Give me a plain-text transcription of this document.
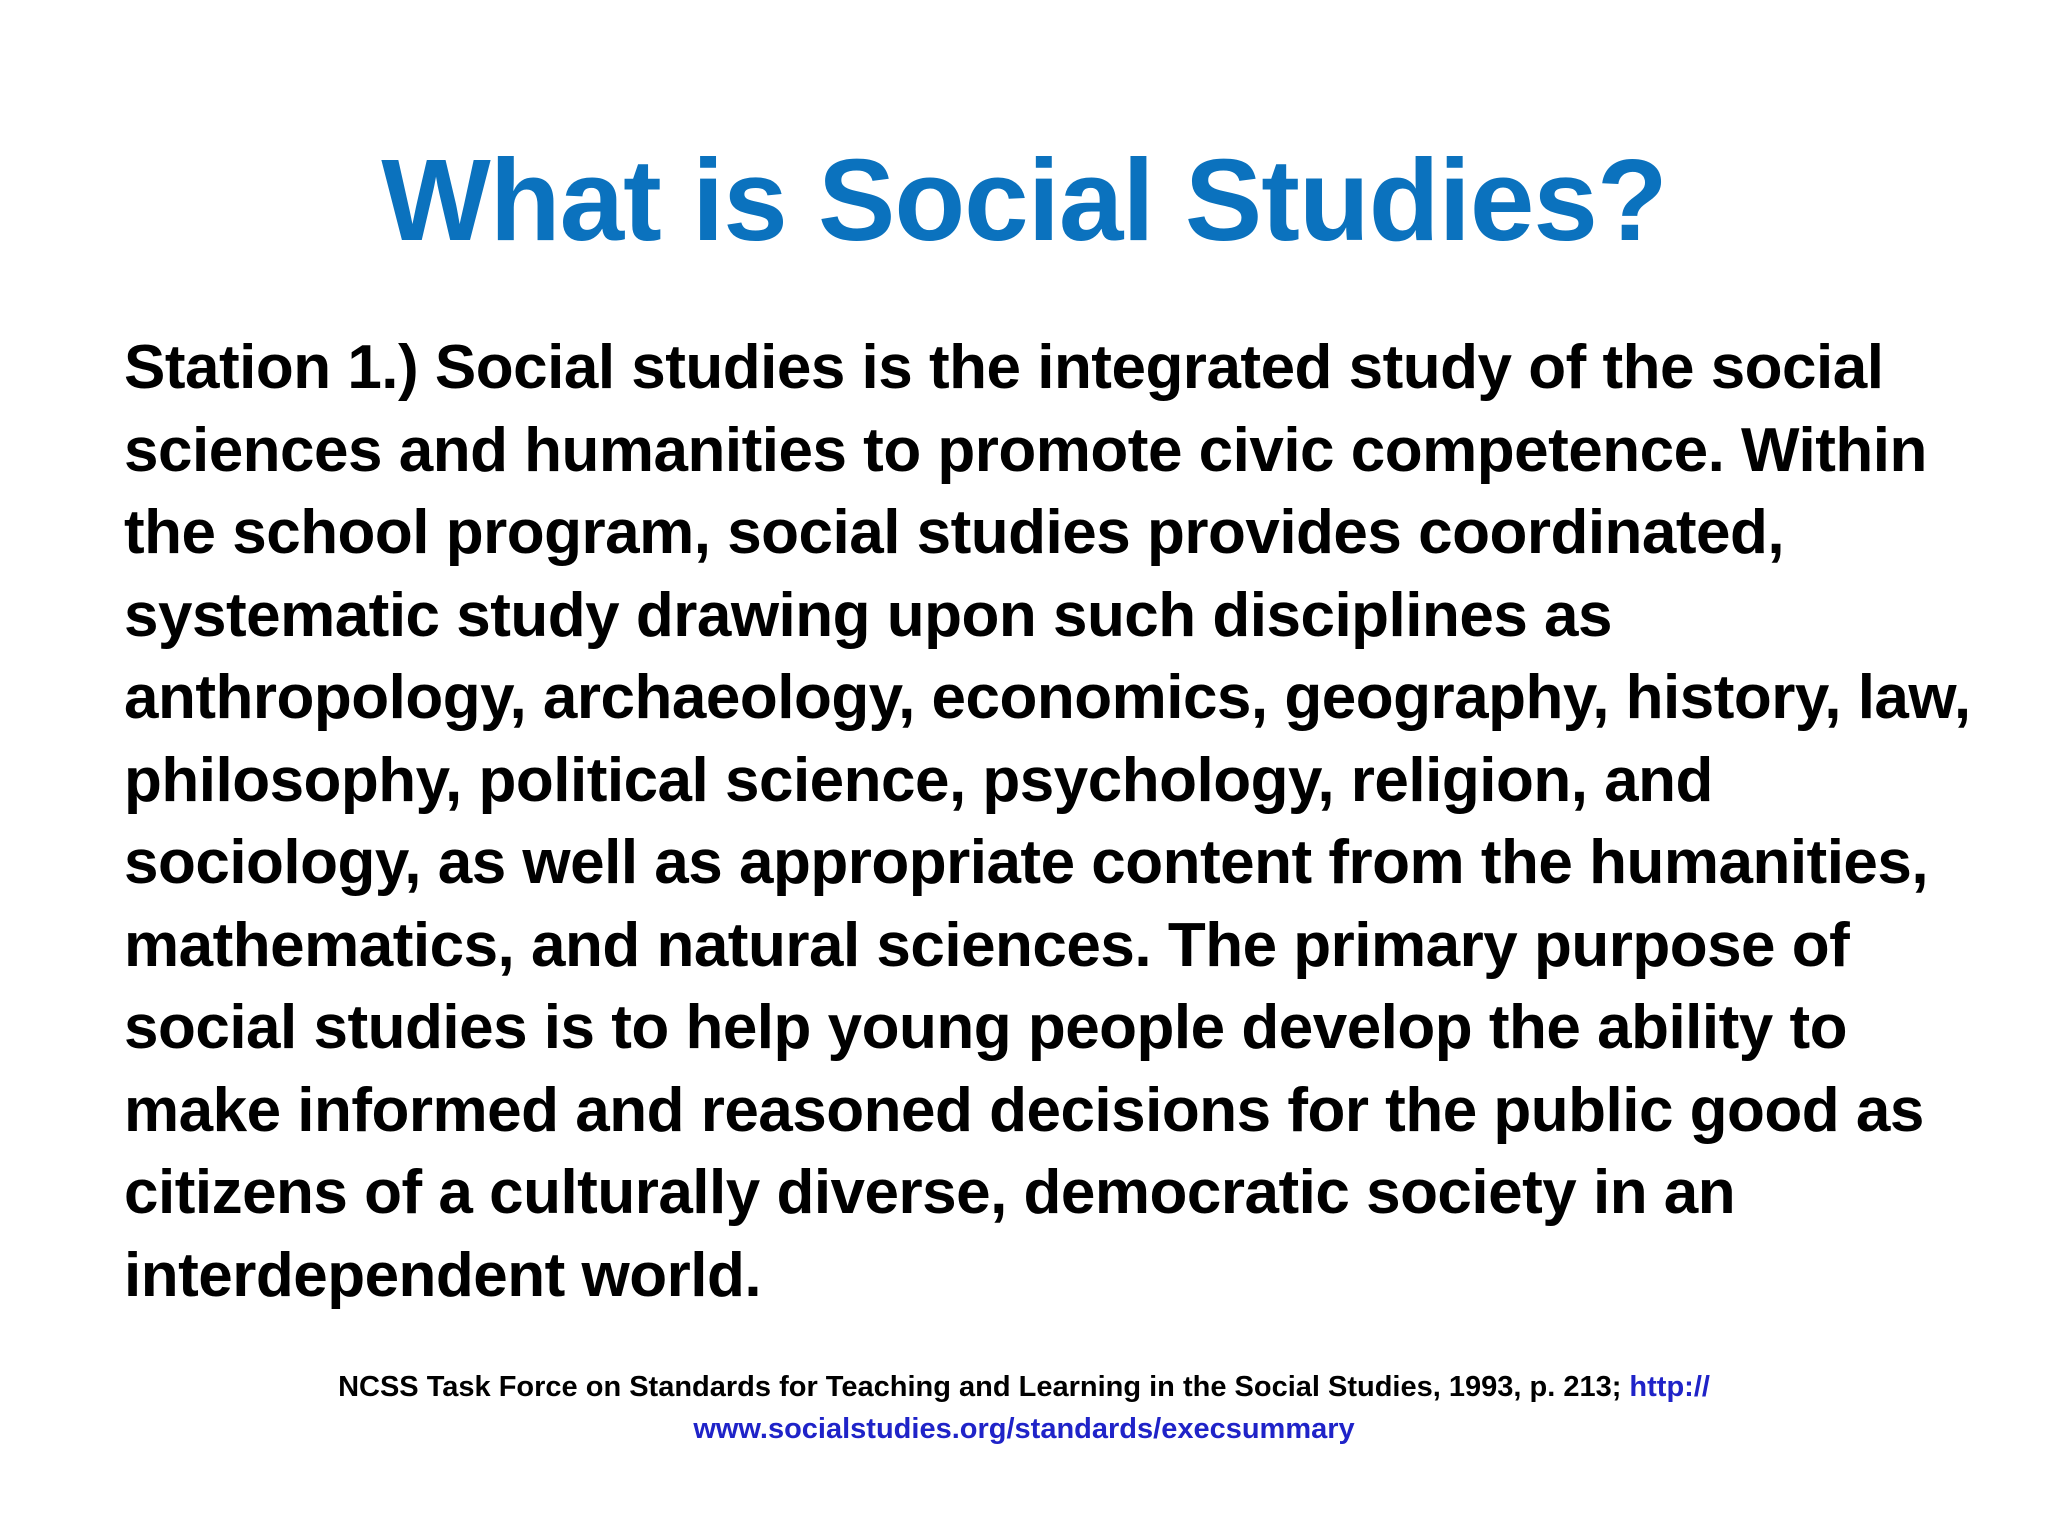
What is Social Studies?
Station 1.) Social studies is the integrated study of the social
sciences and humanities to promote civic competence. Within
the school program, social studies provides coordinated,
systematic study drawing upon such disciplines as
anthropology, archaeology, economics, geography, history, law,
philosophy, political science, psychology, religion, and
sociology, as well as appropriate content from the humanities,
mathematics, and natural sciences. The primary purpose of
social studies is to help young people develop the ability to
make informed and reasoned decisions for the public good as
citizens of a culturally diverse, democratic society in an
interdependent world.
NCSS Task Force on Standards for Teaching and Learning in the Social Studies, 1993, p. 213; http://
www.socialstudies.org/standards/execsummary
